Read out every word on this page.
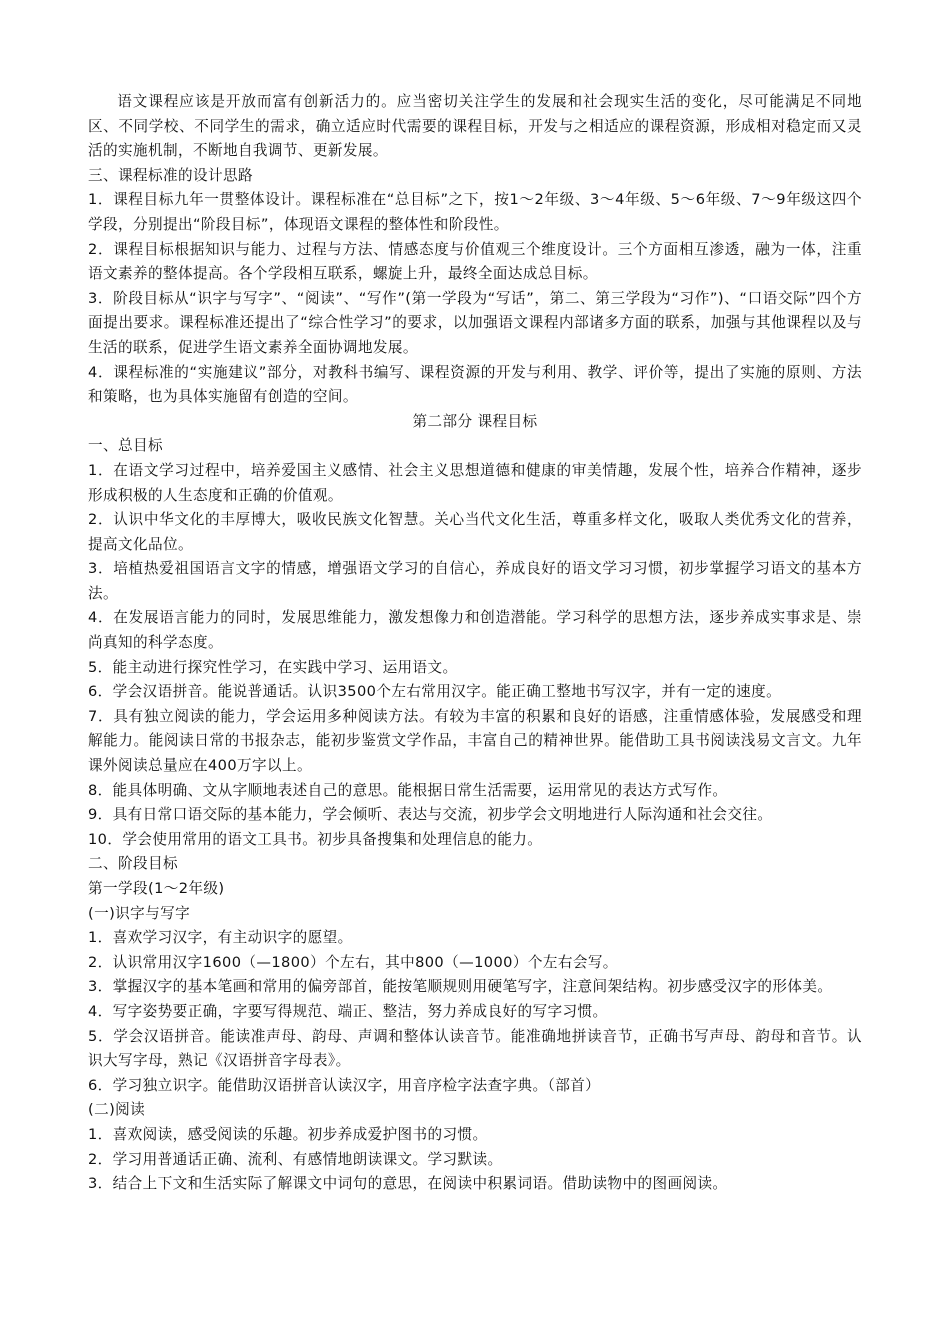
语文课程应该是开放而富有创新活力的。应当密切关注学生的发展和社会现实生活的变化，尽可能满足不同地区、不同学校、不同学生的需求，确立适应时代需要的课程目标，开发与之相适应的课程资源，形成相对稳定而又灵活的实施机制，不断地自我调节、更新发展。

三、课程标准的设计思路

1．课程目标九年一贯整体设计。课程标准在“总目标”之下，按1～2年级、3～4年级、5～6年级、7～9年级这四个学段，分别提出“阶段目标”，体现语文课程的整体性和阶段性。

2．课程目标根据知识与能力、过程与方法、情感态度与价值观三个维度设计。三个方面相互渗透，融为一体，注重语文素养的整体提高。各个学段相互联系，螺旋上升，最终全面达成总目标。

3．阶段目标从“识字与写字”、“阅读”、“写作”(第一学段为“写话”，第二、第三学段为“习作”)、“口语交际”四个方面提出要求。课程标准还提出了“综合性学习”的要求，以加强语文课程内部诸多方面的联系，加强与其他课程以及与生活的联系，促进学生语文素养全面协调地发展。

4．课程标准的“实施建议”部分，对教科书编写、课程资源的开发与利用、教学、评价等，提出了实施的原则、方法和策略，也为具体实施留有创造的空间。

第二部分 课程目标

一、总目标

1．在语文学习过程中，培养爱国主义感情、社会主义思想道德和健康的审美情趣，发展个性，培养合作精神，逐步形成积极的人生态度和正确的价值观。

2．认识中华文化的丰厚博大，吸收民族文化智慧。关心当代文化生活，尊重多样文化，吸取人类优秀文化的营养，提高文化品位。

3．培植热爱祖国语言文字的情感，增强语文学习的自信心，养成良好的语文学习习惯，初步掌握学习语文的基本方法。

4．在发展语言能力的同时，发展思维能力，激发想像力和创造潜能。学习科学的思想方法，逐步养成实事求是、崇尚真知的科学态度。

5．能主动进行探究性学习，在实践中学习、运用语文。

6．学会汉语拼音。能说普通话。认识3500个左右常用汉字。能正确工整地书写汉字，并有一定的速度。

7．具有独立阅读的能力，学会运用多种阅读方法。有较为丰富的积累和良好的语感，注重情感体验，发展感受和理解能力。能阅读日常的书报杂志，能初步鉴赏文学作品，丰富自己的精神世界。能借助工具书阅读浅易文言文。九年课外阅读总量应在400万字以上。

8．能具体明确、文从字顺地表述自己的意思。能根据日常生活需要，运用常见的表达方式写作。

9．具有日常口语交际的基本能力，学会倾听、表达与交流，初步学会文明地进行人际沟通和社会交往。

10．学会使用常用的语文工具书。初步具备搜集和处理信息的能力。

二、阶段目标

第一学段(1～2年级)

(一)识字与写字

1．喜欢学习汉字，有主动识字的愿望。

2．认识常用汉字1600（—1800）个左右，其中800（—1000）个左右会写。

3．掌握汉字的基本笔画和常用的偏旁部首，能按笔顺规则用硬笔写字，注意间架结构。初步感受汉字的形体美。

4．写字姿势要正确，字要写得规范、端正、整洁，努力养成良好的写字习惯。

5．学会汉语拼音。能读准声母、韵母、声调和整体认读音节。能准确地拼读音节，正确书写声母、韵母和音节。认识大写字母，熟记《汉语拼音字母表》。

6．学习独立识字。能借助汉语拼音认读汉字，用音序检字法查字典。（部首）

(二)阅读

1．喜欢阅读，感受阅读的乐趣。初步养成爱护图书的习惯。

2．学习用普通话正确、流利、有感情地朗读课文。学习默读。

3．结合上下文和生活实际了解课文中词句的意思，在阅读中积累词语。借助读物中的图画阅读。
